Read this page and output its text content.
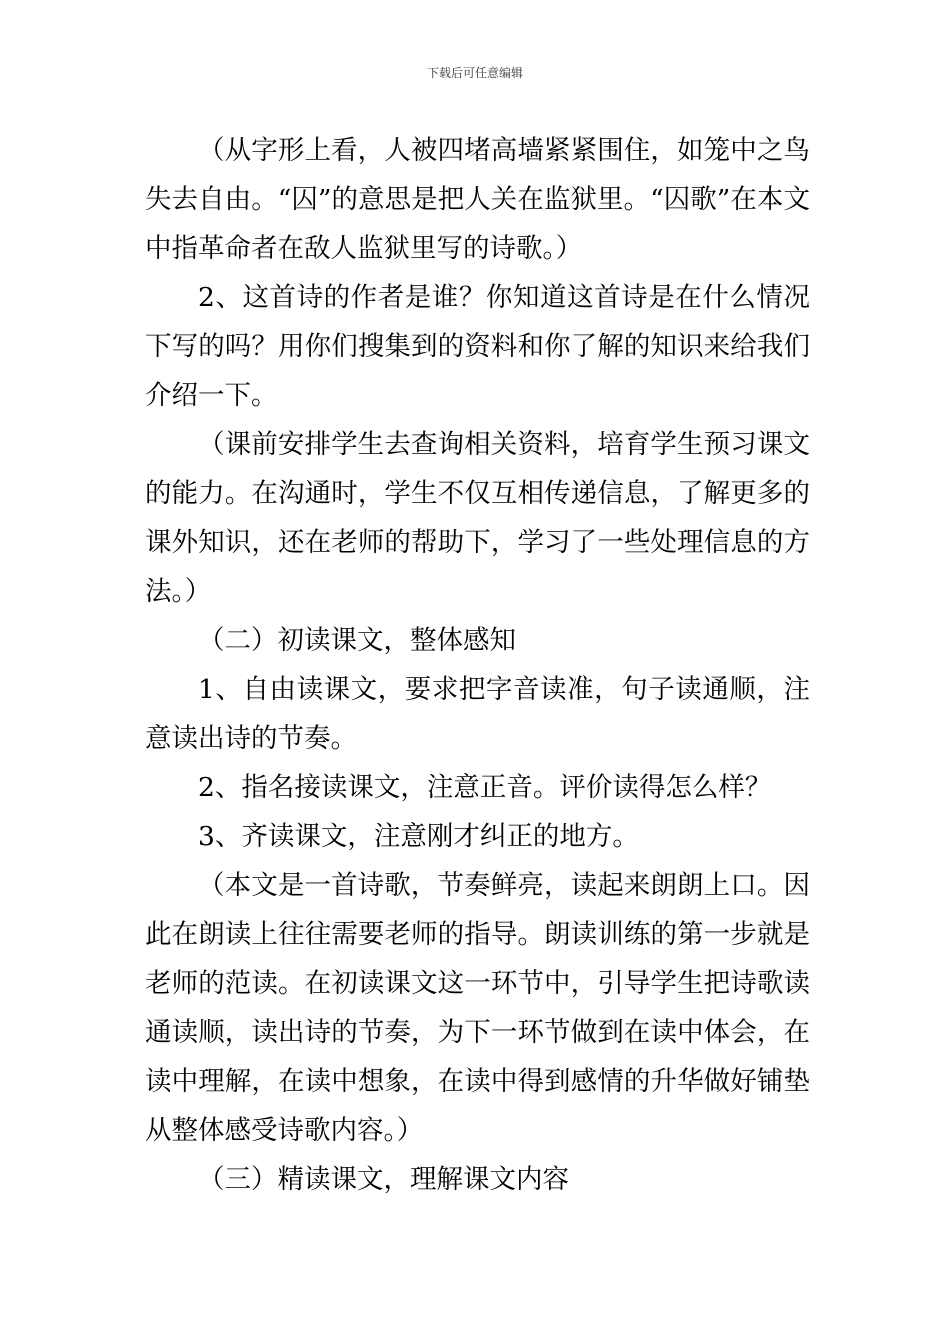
下载后可任意编辑

（从字形上看，人被四堵高墙紧紧围住，如笼中之鸟失去自由。“囚”的意思是把人关在监狱里。“囚歌”在本文中指革命者在敌人监狱里写的诗歌。）

2、这首诗的作者是谁？你知道这首诗是在什么情况下写的吗？用你们搜集到的资料和你了解的知识来给我们介绍一下。

（课前安排学生去查询相关资料，培育学生预习课文的能力。在沟通时，学生不仅互相传递信息，了解更多的课外知识，还在老师的帮助下，学习了一些处理信息的方法。）

（二）初读课文，整体感知

1、自由读课文，要求把字音读准，句子读通顺，注意读出诗的节奏。

2、指名接读课文，注意正音。评价读得怎么样？

3、齐读课文，注意刚才纠正的地方。

（本文是一首诗歌，节奏鲜亮，读起来朗朗上口。因此在朗读上往往需要老师的指导。朗读训练的第一步就是老师的范读。在初读课文这一环节中，引导学生把诗歌读通读顺，读出诗的节奏，为下一环节做到在读中体会，在读中理解，在读中想象，在读中得到感情的升华做好铺垫从整体感受诗歌内容。）

（三）精读课文，理解课文内容
